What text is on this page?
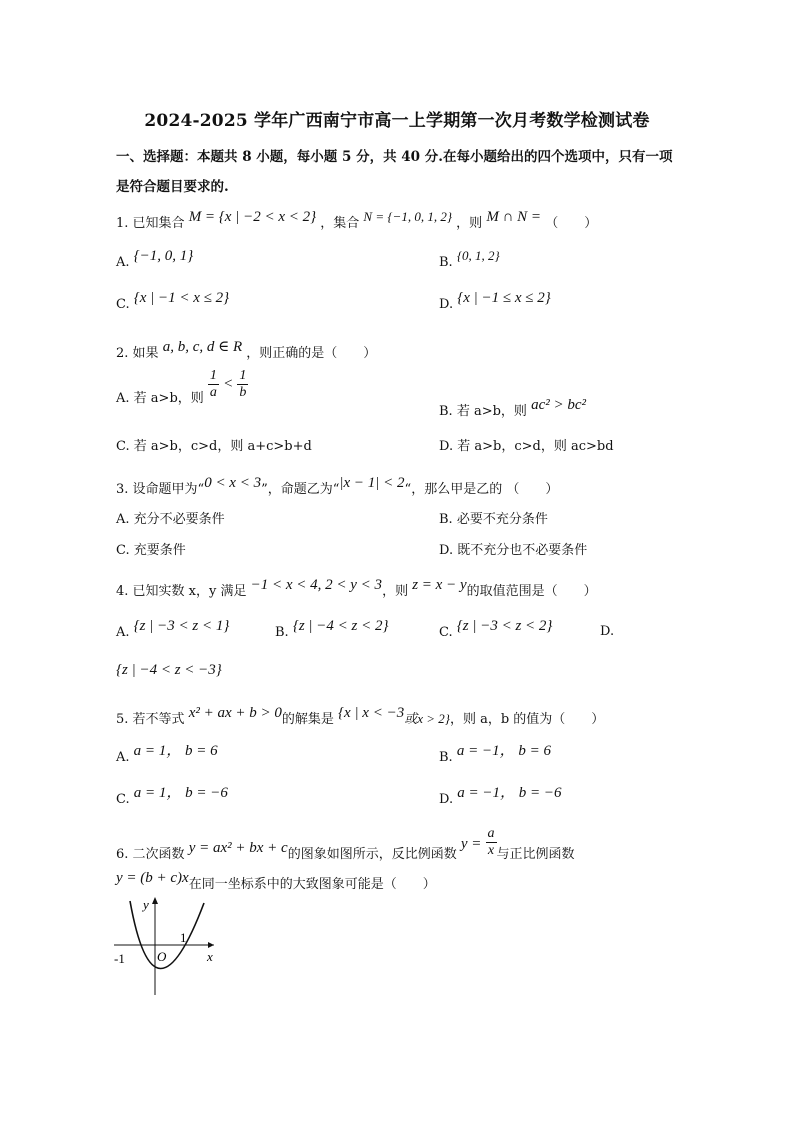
2024-2025 学年广西南宁市高一上学期第一次月考数学检测试卷
一、选择题：本题共 8 小题，每小题 5 分，共 40 分.在每小题给出的四个选项中，只有一项
是符合题目要求的.
1. 已知集合 M = {x | −2 < x < 2} ，集合 N = {−1, 0, 1, 2} ，则 M ∩ N = （　　）
A. {−1, 0, 1}	B. {0, 1, 2}
C. {x | −1 < x ≤ 2}	D. {x | −1 ≤ x ≤ 2}
2. 如果 a, b, c, d ∈ R ，则正确的是（　　）
A. 若 a>b，则 $\frac{1}{a} < \frac{1}{b}$
B. 若 a>b，则 ac² > bc²
C. 若 a>b，c>d，则 a+c>b+d	D. 若 a>b，c>d，则 ac>bd
3. 设命题甲为“0 < x < 3”，命题乙为“|x − 1| < 2“，那么甲是乙的 （　　）
A. 充分不必要条件	B. 必要不充分条件
C. 充要条件	D. 既不充分也不必要条件
4. 已知实数 x，y 满足 −1 < x < 4, 2 < y < 3，则 z = x − y的取值范围是（　　）
A. {z | −3 < z < 1}	B. {z | −4 < z < 2}	C. {z | −3 < z < 2}	D.
{z | −4 < z < −3}
5. 若不等式 x² + ax + b > 0的解集是 {x | x < −3或x > 2}，则 a，b 的值为（　　）
A. a = 1， b = 6	B. a = −1， b = 6
C. a = 1， b = −6	D. a = −1， b = −6
6. 二次函数 y = ax² + bx + c的图象如图所示，反比例函数 $y = \frac{a}{x}$ 与正比例函数
y = (b + c)x在同一坐标系中的大致图象可能是（　　）
y
x
O
-1
1
